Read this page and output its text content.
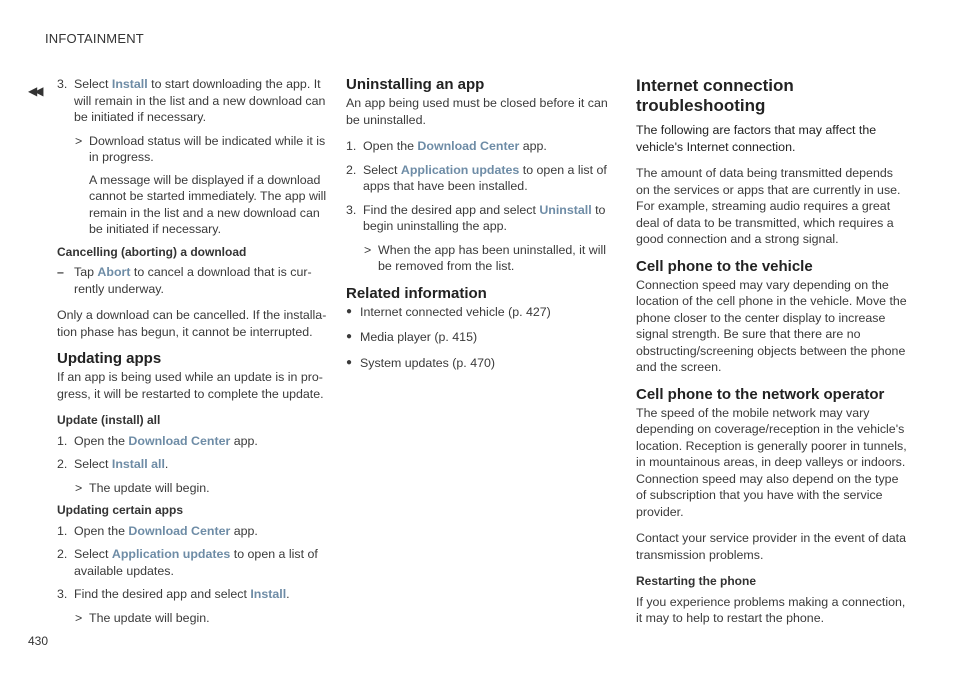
◀◀
INFOTAINMENT
3. Select Install to start downloading the app. It will remain in the list and a new download can be initiated if necessary.
> Download status will be indicated while it is in progress.
A message will be displayed if a download cannot be started immediately. The app will remain in the list and a new download can be initiated if necessary.
Cancelling (aborting) a download
– Tap Abort to cancel a download that is cur-rently underway.
Only a download can be cancelled. If the installa-tion phase has begun, it cannot be interrupted.
Updating apps
If an app is being used while an update is in pro-gress, it will be restarted to complete the update.
Update (install) all
1. Open the Download Center app.
2. Select Install all.
> The update will begin.
Updating certain apps
1. Open the Download Center app.
2. Select Application updates to open a list of available updates.
3. Find the desired app and select Install.
> The update will begin.
Uninstalling an app
An app being used must be closed before it can be uninstalled.
1. Open the Download Center app.
2. Select Application updates to open a list of apps that have been installed.
3. Find the desired app and select Uninstall to begin uninstalling the app.
> When the app has been uninstalled, it will be removed from the list.
Related information
● Internet connected vehicle (p. 427)
● Media player (p. 415)
● System updates (p. 470)
Internet connection troubleshooting
The following are factors that may affect the vehicle's Internet connection.
The amount of data being transmitted depends on the services or apps that are currently in use. For example, streaming audio requires a great deal of data to be transmitted, which requires a good connection and a strong signal.
Cell phone to the vehicle
Connection speed may vary depending on the location of the cell phone in the vehicle. Move the phone closer to the center display to increase signal strength. Be sure that there are no obstructing/screening objects between the phone and the screen.
Cell phone to the network operator
The speed of the mobile network may vary depending on coverage/reception in the vehicle's location. Reception is generally poorer in tunnels, in mountainous areas, in deep valleys or indoors. Connection speed may also depend on the type of subscription that you have with the service provider.
Contact your service provider in the event of data transmission problems.
Restarting the phone
If you experience problems making a connection, it may to help to restart the phone.
430
